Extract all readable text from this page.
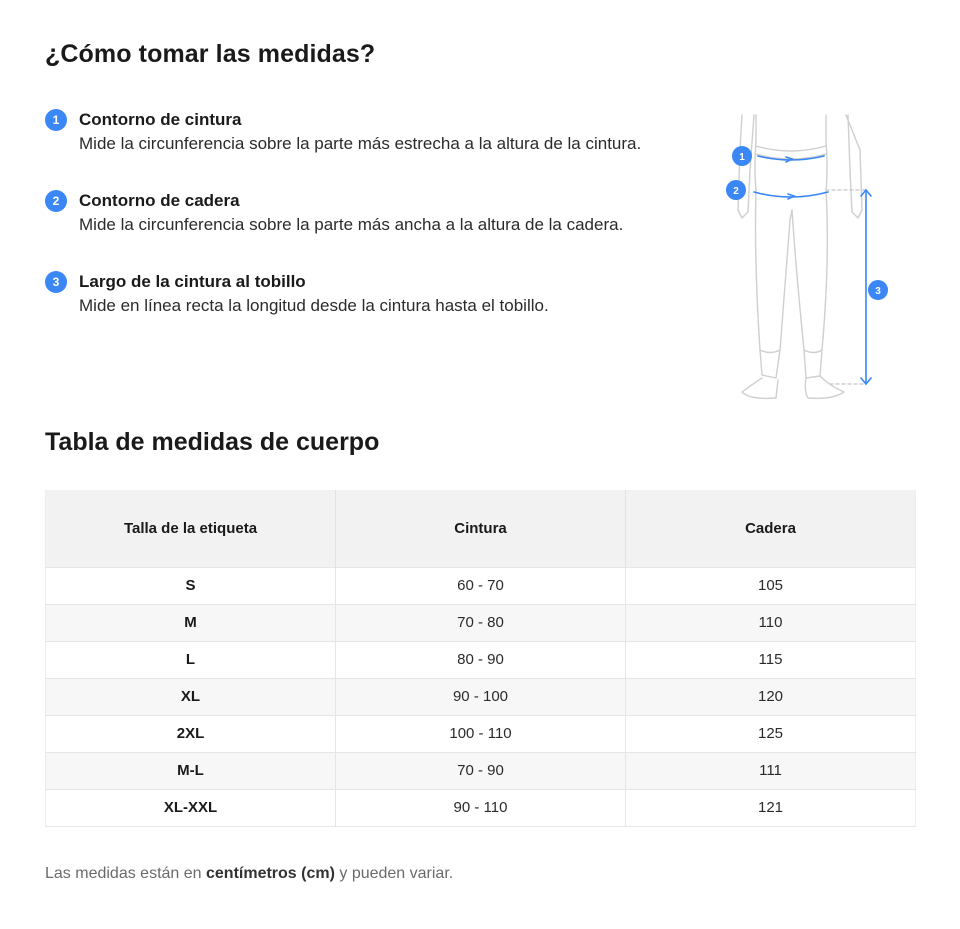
¿Cómo tomar las medidas?
1	Contorno de cintura
Mide la circunferencia sobre la parte más estrecha a la altura de la cintura.
2	Contorno de cadera
Mide la circunferencia sobre la parte más ancha a la altura de la cadera.
3	Largo de la cintura al tobillo
Mide en línea recta la longitud desde la cintura hasta el tobillo.
1
2
3
Tabla de medidas de cuerpo
Talla de la etiqueta	Cintura	Cadera
S	60 - 70	105
M	70 - 80	110
L	80 - 90	115
XL	90 - 100	120
2XL	100 - 110	125
M-L	70 - 90	111
XL-XXL	90 - 110	121

Las medidas están en centímetros (cm) y pueden variar.
